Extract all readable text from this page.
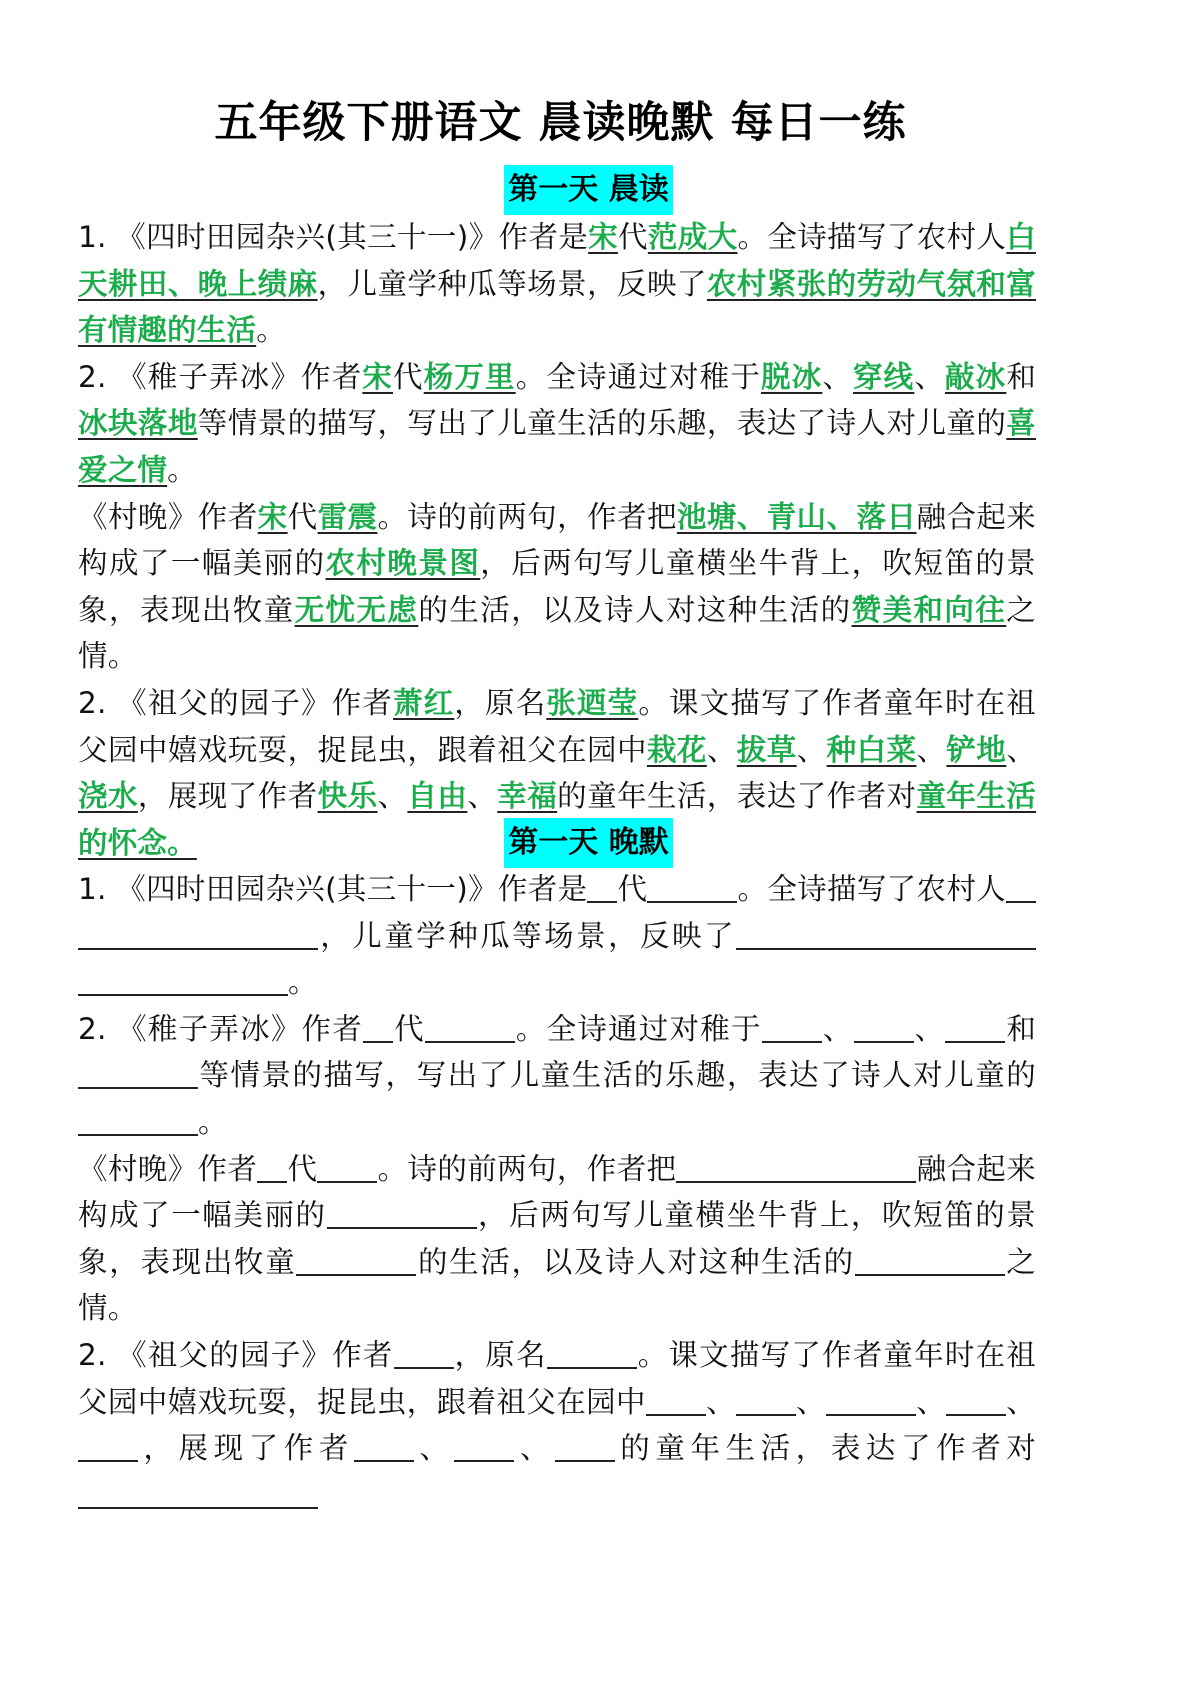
五年级下册语文 晨读晚默 每日一练
第一天 晨读

1. 《四时田园杂兴(其三十一)》作者是宋代范成大。全诗描写了农村人白天耕田、晚上绩麻，儿童学种瓜等场景，反映了农村紧张的劳动气氛和富有情趣的生活。

2. 《稚子弄冰》作者宋代杨万里。全诗通过对稚于脱冰、穿线、敲冰和冰块落地等情景的描写，写出了儿童生活的乐趣，表达了诗人对儿童的喜爱之情。

《村晚》作者宋代雷震。诗的前两句，作者把池塘、青山、落日融合起来构成了一幅美丽的农村晚景图，后两句写儿童横坐牛背上，吹短笛的景象，表现出牧童无忧无虑的生活，以及诗人对这种生活的赞美和向往之情。

2. 《祖父的园子》作者萧红，原名张迺莹。课文描写了作者童年时在祖父园中嬉戏玩耍，捉昆虫，跟着祖父在园中栽花、拔草、种白菜、铲地、浇水，展现了作者快乐、自由、幸福的童年生活，表达了作者对童年生活的怀念。	第一天 晚默

1. 《四时田园杂兴(其三十一)》作者是 代	。全诗描写了农村人，儿童学种瓜等场景，反映了。

2. 《稚子弄冰》作者 代	。全诗通过对稚于 、 、 和等情景的描写，写出了儿童生活的乐趣，表达了诗人对儿童的。

《村晚》作者 代 。诗的前两句，作者把	融合起来构成了一幅美丽的	，后两句写儿童横坐牛背上，吹短笛的景象，表现出牧童	的生活，以及诗人对这种生活的	之情。

2. 《祖父的园子》作者 ，原名	。课文描写了作者童年时在祖父园中嬉戏玩耍，捉昆虫，跟着祖父在园中 、 、	、 、，展现了作者 、 、 的童年生活，表达了作者对
